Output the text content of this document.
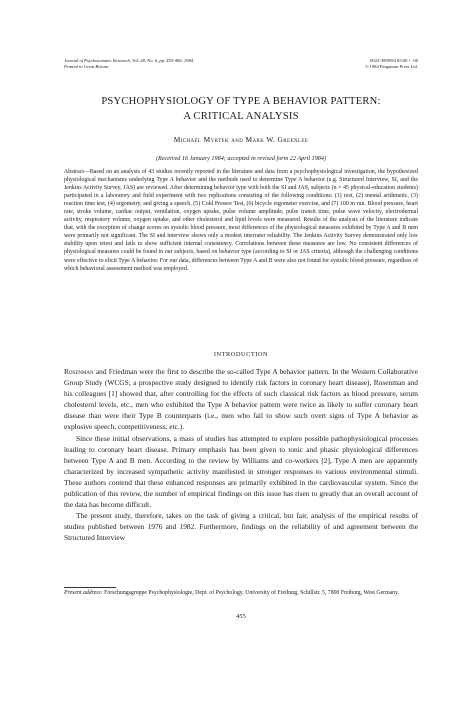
Journal of Psychosomatic Research, Vol. 28, No. 6, pp. 455-466, 1984.
Printed in Great Britain.
0022-3999/84 $3.00 + .00
© 1984 Pergamon Press Ltd.
PSYCHOPHYSIOLOGY OF TYPE A BEHAVIOR PATTERN:
A CRITICAL ANALYSIS
Michael Myrtek and Mark W. Greenlee
(Received 16 January 1984; accepted in revised form 22 April 1984)
Abstract—Based on an analysis of 43 studies recently reported in the literature and data from a psychophysiological investigation, the hypothesized physiological mechanisms underlying Type A behavior and the methods used to determine Type A behavior (e.g. Structured Interview, SI, and the Jenkins Activity Survey, JAS) are reviewed. After determining behavior type with both the SI and JAS, subjects (n = 45 physical-education students) participated in a laboratory and field experiment with two replications consisting of the following conditions: (1) rest, (2) mental arithmetic, (3) reaction time test, (4) ergometry, and giving a speech, (5) Cold Pressor Test, (6) bicycle ergometer exercise, and (7) 100 m run. Blood pressure, heart rate, stroke volume, cardiac output, ventilation, oxygen uptake, pulse volume amplitude, pulse transit time, pulse wave velocity, electrodermal activity, respiratory volume, oxygen uptake, and other cholesterol and lipid levels were measured. Results of the analysis of the literature indicate that, with the exception of change scores on systolic blood pressure, most differences of the physiological measures exhibited by Type A and B men were primarily not significant. The SI and interview shows only a modest interrater reliability. The Jenkins Activity Survey demonstrated only low stability upon retest and fails to show sufficient internal consistency. Correlations between these measures are low. No consistent differences of physiological measures could be found in our subjects, based on behavior type (according to SI or JAS criteria), although the challenging conditions were effective to elicit Type A behavior. For our data, differences between Type A and B were also not found for systolic blood pressure, regardless of which behavioral assessment method was employed.
INTRODUCTION

Rosenman and Friedman were the first to describe the so-called Type A behavior pattern. In the Western Collaborative Group Study (WCGS; a prospective study designed to identify risk factors in coronary heart disease), Rosenman and his colleagues [1] showed that, after controlling for the effects of such classical risk factors as blood pressure, serum cholesterol levels, etc., men who exhibited the Type A behavior pattern were twice as likely to suffer coronary heart disease than were their Type B counterparts (i.e., men who fail to show such overt signs of Type A behavior as explosive speech, competitiveness, etc.).

Since these initial observations, a mass of studies has attempted to explore possible pathophysiological processes leading to coronary heart disease. Primary emphasis has been given to tonic and phasic physiological differences between Type A and B men. According to the review by Williams and co-workers [2], Type A men are apparently characterized by increased sympathetic activity manifested in stronger responses to various environmental stimuli. These authors contend that these enhanced responses are primarily exhibited in the cardiovascular system. Since the publication of this review, the number of empirical findings on this issue has risen to greatly that an overall account of the data has become difficult.

The present study, therefore, takes on the task of giving a critical, but fair, analysis of the empirical results of studies published between 1976 and 1982. Furthermore, findings on the reliability of and agreement between the Structured Interview

Present address: Forschungsgruppe Psychophysiologie, Dept. of Psychology, University of Freiburg, Schillstr. 5, 7800 Freiburg, West Germany.
455
